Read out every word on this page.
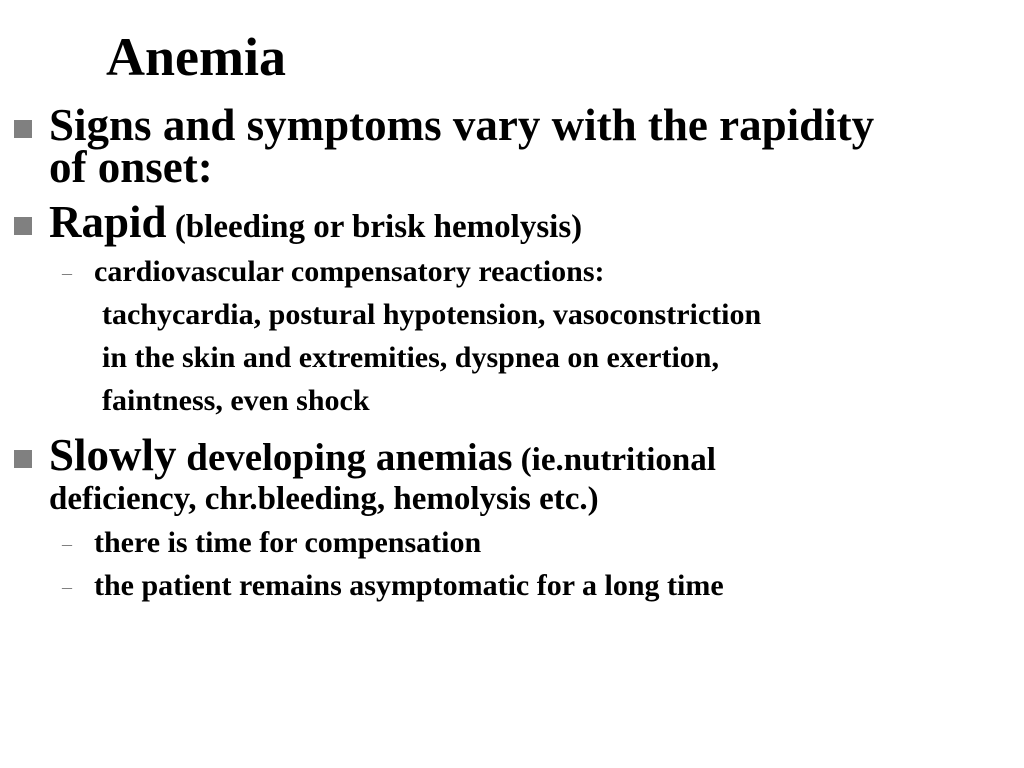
Anemia
Signs and symptoms vary with the rapidity
of onset:
Rapid (bleeding or brisk hemolysis)
– cardiovascular compensatory reactions:
tachycardia, postural hypotension, vasoconstriction
in the skin and extremities, dyspnea on exertion,
faintness, even shock
Slowly developing anemias (ie.nutritional
deficiency, chr.bleeding, hemolysis etc.)
– there is time for compensation
– the patient remains asymptomatic for a long time
